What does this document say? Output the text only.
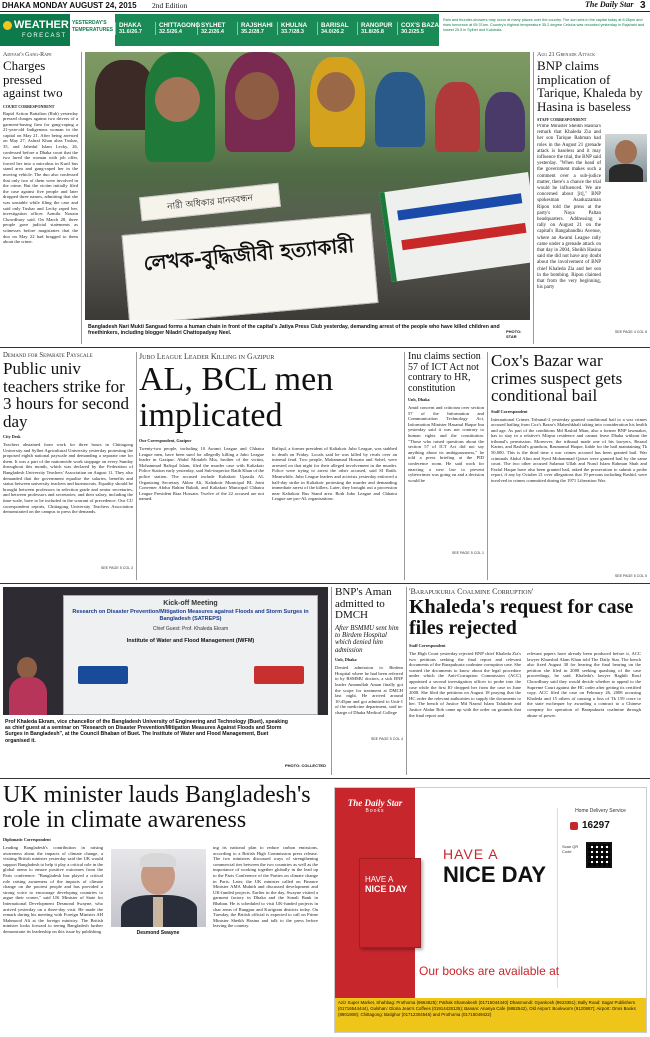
DHAKA MONDAY AUGUST 24, 2015 2nd Edition	The Daily Star 3
WEATHER
FORECAST
YESTERDAY'S
TEMPERATURES
DHAKA
31.6/26.7
CHITTAGONG
32.5/26.4
SYLHET
32.2/26.4
RAJSHAHI
35.2/28.7
KHULNA
33.7/28.3
BARISAL
34.0/26.2
RANGPUR
31.8/26.8
COX'S BAZAR
30.2/25.5
Rain and thunder-showers may occur at many places over the country. The sun sets in the capital today at 6:26pm and rises tomorrow at 05:37am. Country's highest temperature 35.2 degree Celsius was recorded yesterday in Rajshahi and lowest 25.5 in Sylhet and Kutubdia.
Adivasi's Gang-Rape
Charges pressed against two
COURT CORRESPONDENT
Rapid Action Battalion (Rab) yesterday pressed charges against two drivers of a garment-busing firm for gang-raping a 21-year-old Indigenous woman in the capital on May 21. After being arrested on May 27, Ashraf Khan alias Tushar, 35, and Jahedul Islam Lecky, 26, confessed before a Dhaka court that the two lured the woman with job offer, forced her into a microbus in Kuril bus stand area and gang-raped her in the moving vehicle. The duo also confessed that only two of them were involved in the crime. But the victim initially filed the case against five people and later dropped three names, admitting that she was unstable while filing the case and said only Tushar and Lecky raped her, investigation officer Azmilu Nouzin Chowdhury said. On March 28, three people gave judicial statements as witnesses before magistrates that the duo on May 22 had bragged to them about the crime.
নারী অধিকার মানববন্ধন
লেখক-বুদ্ধিজীবী হত্যাকারী
Bangladesh Nari Mukti Sangsad forms a human chain in front of the capital's Jatiya Press Club yesterday, demanding arrest of the people who have killed children and freethinkers, including blogger Niladri Chattopadyay Neel.	PHOTO: STAR
Aug 21 Grenade Attack
BNP claims implication of Tarique, Khaleda by Hasina is baseless
STAFF CORRESPONDENT
Prime Minister Sheikh Hasina's remark that Khaleda Zia and her son Tarique Rahman had roles in the August 21 grenade attack is baseless and it may influence the trial, the BNP said yesterday. "When the head of the government makes such a comment over a sub-judice matter, there's a chance the trial would be influenced. We are concerned about [it]," BNP spokesman Asaduzzaman Ripon told the press at the party's Naya Paltan headquarters. Addressing a rally on August 21 on the capital's Bangabandhu Avenue, where an Awami League rally came under a grenade attack on that day in 2004, Sheikh Hasina said she did not have any doubt about the involvement of BNP chief Khaleda Zia and her son in the bombing. Ripon claimed that from the very beginning, his party
SEE PAGE 4 COL 6
Demand for Separate Payscale
Public univ teachers strike for 3 hours for second day
City Desk
Teachers abstained from work for three hours in Chittagong University and Sylhet Agricultural University yesterday protesting the proposed eighth national payscale and demanding a separate one for them. It was a part of the nationwide work stoppage on every Sunday throughout this month, which was declared by the Federation of Bangladesh University Teachers' Association on August 11. They also demanded that the government equalise the salaries, benefits and status between university teachers and bureaucrats. Equality should be brought between professors in selection grade and senior secretaries, and between professors and secretaries; and their salary, including the time-scale, have to be included in the warrant of precedence. Our CU correspondent reports, Chittagong University Teachers Association demonstrated on the campus to press the demands.
SEE PAGE 5 COL 3
Jubo League Leader Killing in Gazipur
AL, BCL men implicated
Our Correspondent, Gazipur
Twenty-two people, including 10 Awami League and Chhatra League men, have been sued for allegedly killing a Jubo League leader in Gazipur. Abdul Motaleb Mia, brother of the victim, Mohammad Rafiqul Islam, filed the murder case with Kaliakoir Police Station early yesterday, said Sub-inspector Ratib Khan of the police station. The accused include Kaliakoir Upazila AL Organising Secretary Akbar Ali, Kaliakoir Municipal BL Joint Convener Abdur Rahim Bakidi, and Kaliakoir Municipal Chhatra League President Riaz Hossain. Twelve of the 22 accused are not named.
Rafiqul, a former president of Kaliakoir Jubo League, was stabbed to death on Friday. Locals said he was killed by rivals over an internal feud. Two people, Mohammad Hossain and Sohel, were arrested on that night for their alleged involvement in the murder. Police were trying to arrest the other accused, said SI Ratib. Meanwhile, Jubo League leaders and activists yesterday enforced a half-day strike in Kaliakoir protesting the murder and demanding immediate arrest of the killers. Later, they brought out a procession near Kaliakoir Bus Stand area. Both Jubo League and Chhatra League are pro-AL organisations.
Inu claims section 57 of ICT Act not contrary to HR, constitution
Unb, Dhaka
Amid concern and criticism over section 57 of the Information and Communication Technology Act, Information Minister Hasanul Haque Inu yesterday said it was not contrary to human rights and the constitution. "Those who raised questions about the section 57 of ICT Act did not say anything about its ambiguousness," he told a press briefing at the PID conference room. He said work for enacting a new law to prevent cybercrimes was going on and a decision would be
SEE PAGE 5 COL 1
Cox's Bazar war crimes suspect gets conditional bail
Staff Correspondent
International Crimes Tribunal-2 yesterday granted conditional bail to a war crimes accused hailing from Cox's Bazar's Maheshkhali taking into consideration his health and age. As part of the conditions Md Rashid Mian, also a former BNP lawmaker, has to stay in a relative's Mirpur residence and cannot leave Dhaka without the tribunal's permission. Moreover, the tribunal made one of his lawyers, Rezaul Karim, and Rashid's grandson, Rasmamul Haque, liable for the bail maintaining Tk 50,000. This is the third time a war crimes accused has been granted bail. War criminals Abdul Alim and Syed Mohammad Qaiser were granted bail by the same court. The two other accused Salamat Ullah and Nurul Islam Rahman Shah and Fazlul Haque have also been granted bail, asked the prosecution to submit a probe report, if any by October 21 over allegations that 19 persons including Rashid, were involved in crimes committed during the 1971 Liberation War.
SEE PAGE 5 COL 5
Kick-off Meeting
Research on Disaster Prevention/Mitigation Measures against Floods and Storm Surges in Bangladesh (SATREPS)
Chief Guest: Prof. Khaleda Ekram
Institute of Water and Flood Management (IWFM)
Prof Khaleda Ekram, vice chancellor of the Bangladesh University of Engineering and Technology (Buet), speaking as chief guest at a seminar on "Research on Disaster Prevention/Mitigation Measures Against Floods and Storm Surges in Bangladesh", at the Council Bhaban of Buet. The Institute of Water and Flood Management, Buet organised it.
PHOTO: COLLECTED
BNP's Aman admitted to DMCH
After BSMMU sent him to Birdem Hospital which denied him admission
Unb, Dhaka
Denied admission to Birdem Hospital where he had been referred to by BSMMU doctors, a sick BNP leader Amanullah Aman finally got the scope for treatment at DMCH last night. He arrived around 10:45pm and got admitted to Unit-1 of the medicine department, said in-charge of Dhaka Medical College
SEE PAGE 5 COL 4
'Barapukuria Coalmine Corruption'
Khaleda's request for case files rejected
Staff Correspondent
The High Court yesterday rejected BNP chief Khaleda Zia's two petitions seeking the final report and relevant documents of the Barapukuria coalmine corruption case. She wanted the documents to know about the legal procedure under which the Anti-Corruption Commission (ACC) appointed a second investigation officer to probe into the case while the first IO dropped her from the case in June 2008. She filed the petitions on August 18 praying that the HC order the relevant authorities to supply the documents to her. The bench of Justice Md Nazrul Islam Talukder and Justice Abdur Rob came up with the order on grounds that the final report and
relevant papers have already been produced before it, ACC lawyer Khurshid Alam Khan told The Daily Star. The bench also fixed August 30 for hearing the final hearing on the petition she filed in 2008 seeking quashing of the case proceedings, he said. Khaleda's lawyer Raghib Rouf Chowdhury said they would decide whether to appeal to the Supreme Court against the HC order after getting its certified copy. ACC filed the case on February 26, 2008 accusing Khaleda and 15 others of causing a loss of Tk 159 crore to the state exchequer by awarding a contract to a Chinese company for operation of Barapukuria coalmine through abuse of power.
UK minister lauds Bangladesh's role in climate awareness
Diplomatic Correspondent
Leading Bangladesh's contribution in raising awareness about the impacts of climate change, a visiting British minister yesterday said the UK would support Bangladesh to help it play a critical role in the global arena to ensure positive outcomes from the Paris conference. "Bangladesh has played a critical role raising awareness of the impacts of climate change on the poorest people and has provided a strong voice to encourage developing countries to argue their corner," said UK Minister of State for International Development Desmond Swayne, who arrived yesterday on a three-day visit. He made the remark during his meeting with Foreign Minister AH Mahmood Ali at the foreign ministry. The British minister looks forward to seeing Bangladesh further demonstrate its leadership on this issue by publishing	Desmond Swayne
ing its national plan to reduce carbon emissions, according to a British High Commission press release. The two ministers discussed ways of strengthening commercial ties between the two countries as well as the importance of working together globally in the lead up to the Paris Conference of the Parties on climate change in Paris. Later, the UK minister called on Finance Minister AMA Muhith and discussed development and UK-funded projects. Earlier in the day, Swayne visited a garment factory in Dhaka and the Sonali Bank in Bhaban. He is scheduled to visit UK-funded projects in char areas of Rangpur and Kurigram districts today. On Tuesday, the British official is expected to call on Prime Minister Sheikh Hasina and talk to the press before leaving the country.
The Daily Star
Books
HAVE A
NICE DAY
HAVE A
NICE DAY
Home Delivery Service
16297
Scan QR Code
Our books are available at
Aziz Super Market, Shahbag: Prothoma (9664825); Pathak Shamabesh (01715044440) Dhanmondi: Gyankosh (9623351); Bally Road: Sagar Publishers (01716544444), Gulshan: Gloria Jean's Coffees (01914428135); Banani: Ananya Cafe (9882542), Old Airport: Bookworm (9120887); Airport: Omni Books (8901808); Chittagong: Batighor (01712304546) and Prothoma (01715049422)
